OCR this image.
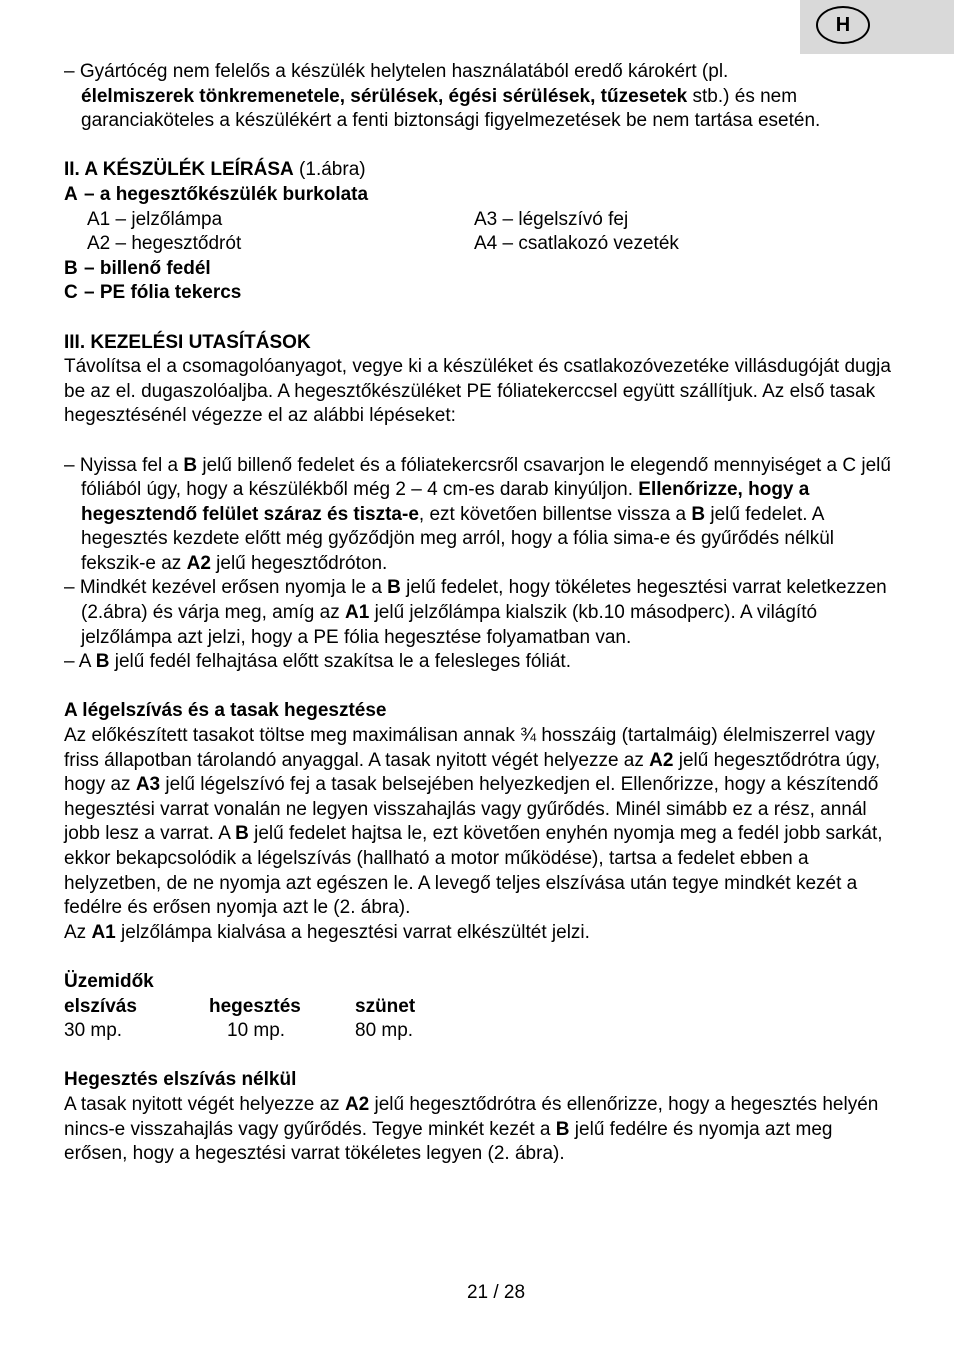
H

– Gyártócég nem felelős a készülék helytelen használatából eredő károkért (pl.
élelmiszerek tönkremenetele, sérülések, égési sérülések, tűzesetek stb.) és nem garanciaköteles a készülékért a fenti biztonsági figyelmezetések be nem tartása esetén.

II. A KÉSZÜLÉK LEÍRÁSA (1.ábra)

A – a hegesztőkészülék burkolata

A1 – jelzőlámpa	A3 – légelszívó fej
A2 – hegesztődrót	A4 – csatlakozó vezeték

B – billenő fedél

C – PE fólia tekercs

III. KEZELÉSI UTASÍTÁSOK

Távolítsa el a csomagolóanyagot, vegye ki a készüléket és csatlakozóvezetéke villásdugóját dugja be az el. dugaszolóaljba. A hegesztőkészüléket PE fóliatekerccsel együtt szállítjuk. Az első tasak hegesztésénél végezze el az alábbi lépéseket:

– Nyissa fel a B jelű billenő fedelet és a fóliatekercsről csavarjon le elegendő mennyiséget a C jelű fóliából úgy, hogy a készülékből még 2 – 4 cm-es darab kinyúljon. Ellenőrizze, hogy a hegesztendő felület száraz és tiszta-e, ezt követően billentse vissza a B jelű fedelet. A hegesztés kezdete előtt még győződjön meg arról, hogy a fólia sima-e és gyűrődés nélkül fekszik-e az A2 jelű hegesztődróton.

– Mindkét kezével erősen nyomja le a B jelű fedelet, hogy tökéletes hegesztési varrat keletkezzen (2.ábra) és várja meg, amíg az A1 jelű jelzőlámpa kialszik (kb.10 másodperc). A világító jelzőlámpa azt jelzi, hogy a PE fólia hegesztése folyamatban van.

– A B jelű fedél felhajtása előtt szakítsa le a felesleges fóliát.

A légelszívás és a tasak hegesztése

Az előkészített tasakot töltse meg maximálisan annak ¾ hosszáig (tartalmáig) élelmiszerrel vagy friss állapotban tárolandó anyaggal. A tasak nyitott végét helyezze az A2 jelű hegesztődrótra úgy, hogy az A3 jelű légelszívó fej a tasak belsejében helyezkedjen el. Ellenőrizze, hogy a készítendő hegesztési varrat vonalán ne legyen visszahajlás vagy gyűrődés. Minél simább ez a rész, annál jobb lesz a varrat. A B jelű fedelet hajtsa le, ezt követően enyhén nyomja meg a fedél jobb sarkát, ekkor bekapcsolódik a légelszívás (hallható a motor működése), tartsa a fedelet ebben a helyzetben, de ne nyomja azt egészen le. A levegő teljes elszívása után tegye mindkét kezét a fedélre és erősen nyomja azt le (2. ábra).

Az A1 jelzőlámpa kialvása a hegesztési varrat elkészültét jelzi.

Üzemidők

elszívás	hegesztés	szünet
30 mp.	10 mp.	80 mp.

Hegesztés elszívás nélkül

A tasak nyitott végét helyezze az A2 jelű hegesztődrótra és ellenőrizze, hogy a hegesztés helyén nincs-e visszahajlás vagy gyűrődés. Tegye minkét kezét a B jelű fedélre és nyomja azt meg erősen, hogy a hegesztési varrat tökéletes legyen (2. ábra).

21 / 28
